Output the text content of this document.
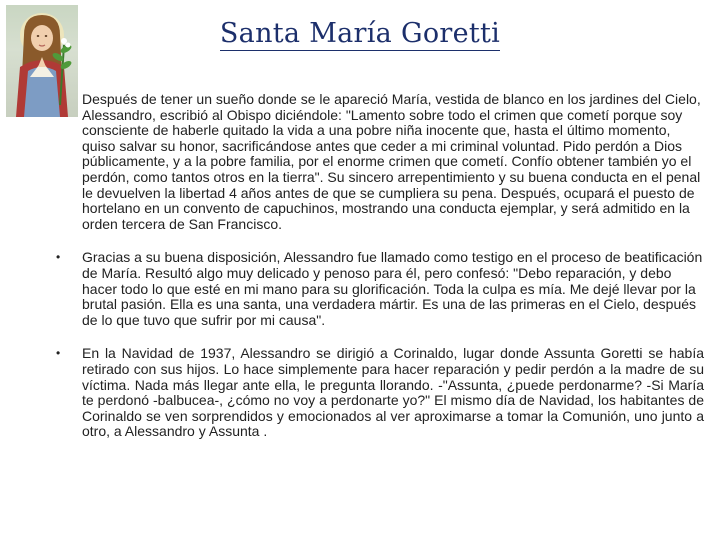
Santa María Goretti

Después de tener un sueño donde se le apareció María, vestida de blanco en los jardines del Cielo, Alessandro, escribió al Obispo diciéndole: "Lamento sobre todo el crimen que cometí porque soy consciente de haberle quitado la vida a una pobre niña inocente que, hasta el último momento, quiso salvar su honor, sacrificándose antes que ceder a mi criminal voluntad. Pido perdón a Dios públicamente, y a la pobre familia, por el enorme crimen que cometí. Confío obtener también yo el perdón, como tantos otros en la tierra". Su sincero arrepentimiento y su buena conducta en el penal le devuelven la libertad 4 años antes de que se cumpliera su pena. Después, ocupará el puesto de hortelano en un convento de capuchinos, mostrando una conducta ejemplar, y será admitido en la orden tercera de San Francisco.

• Gracias a su buena disposición, Alessandro fue llamado como testigo en el proceso de beatificación de María. Resultó algo muy delicado y penoso para él, pero confesó: "Debo reparación, y debo hacer todo lo que esté en mi mano para su glorificación. Toda la culpa es mía. Me dejé llevar por la brutal pasión. Ella es una santa, una verdadera mártir. Es una de las primeras en el Cielo, después de lo que tuvo que sufrir por mi causa".
• En la Navidad de 1937, Alessandro se dirigió a Corinaldo, lugar donde Assunta Goretti se había retirado con sus hijos. Lo hace simplemente para hacer reparación y pedir perdón a la madre de su víctima. Nada más llegar ante ella, le pregunta llorando. -"Assunta, ¿puede perdonarme? -Si María te perdonó -balbucea-, ¿cómo no voy a perdonarte yo?" El mismo día de Navidad, los habitantes de Corinaldo se ven sorprendidos y emocionados al ver aproximarse a tomar la Comunión, uno junto a otro, a Alessandro y Assunta .
